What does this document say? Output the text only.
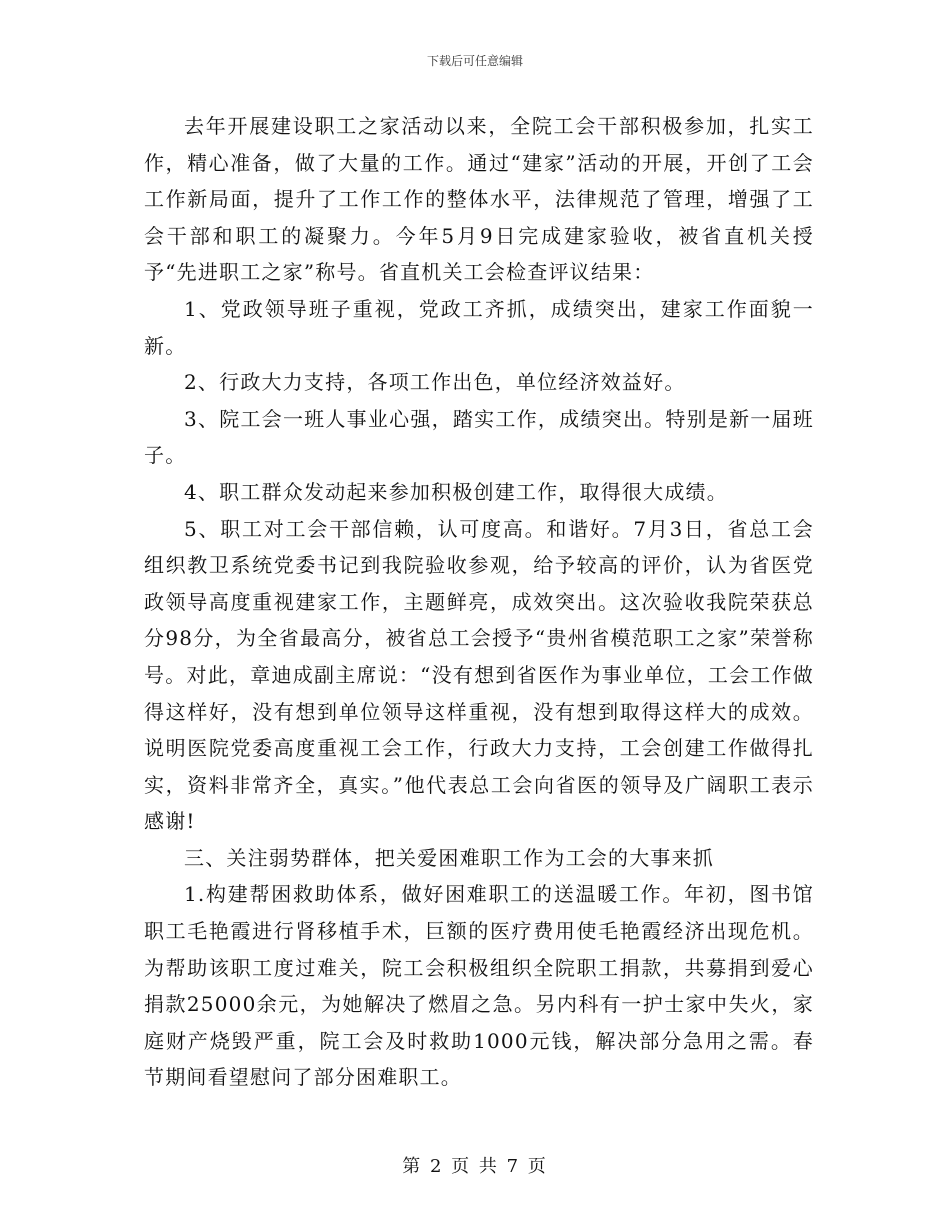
下载后可任意编辑

去年开展建设职工之家活动以来，全院工会干部积极参加，扎实工作，精心准备，做了大量的工作。通过“建家”活动的开展，开创了工会工作新局面，提升了工作工作的整体水平，法律规范了管理，增强了工会干部和职工的凝聚力。今年5月9日完成建家验收，被省直机关授予“先进职工之家”称号。省直机关工会检查评议结果：

1、党政领导班子重视，党政工齐抓，成绩突出，建家工作面貌一新。

2、行政大力支持，各项工作出色，单位经济效益好。

3、院工会一班人事业心强，踏实工作，成绩突出。特别是新一届班子。

4、职工群众发动起来参加积极创建工作，取得很大成绩。

5、职工对工会干部信赖，认可度高。和谐好。7月3日，省总工会组织教卫系统党委书记到我院验收参观，给予较高的评价，认为省医党政领导高度重视建家工作，主题鲜亮，成效突出。这次验收我院荣获总分98分，为全省最高分，被省总工会授予“贵州省模范职工之家”荣誉称号。对此，章迪成副主席说：“没有想到省医作为事业单位，工会工作做得这样好，没有想到单位领导这样重视，没有想到取得这样大的成效。说明医院党委高度重视工会工作，行政大力支持，工会创建工作做得扎实，资料非常齐全，真实。”他代表总工会向省医的领导及广阔职工表示感谢!

三、关注弱势群体，把关爱困难职工作为工会的大事来抓

1.构建帮困救助体系，做好困难职工的送温暖工作。年初，图书馆职工毛艳霞进行肾移植手术，巨额的医疗费用使毛艳霞经济出现危机。为帮助该职工度过难关，院工会积极组织全院职工捐款，共募捐到爱心捐款25000余元，为她解决了燃眉之急。另内科有一护士家中失火，家庭财产烧毁严重，院工会及时救助1000元钱，解决部分急用之需。春节期间看望慰问了部分困难职工。

第 2 页 共 7 页
